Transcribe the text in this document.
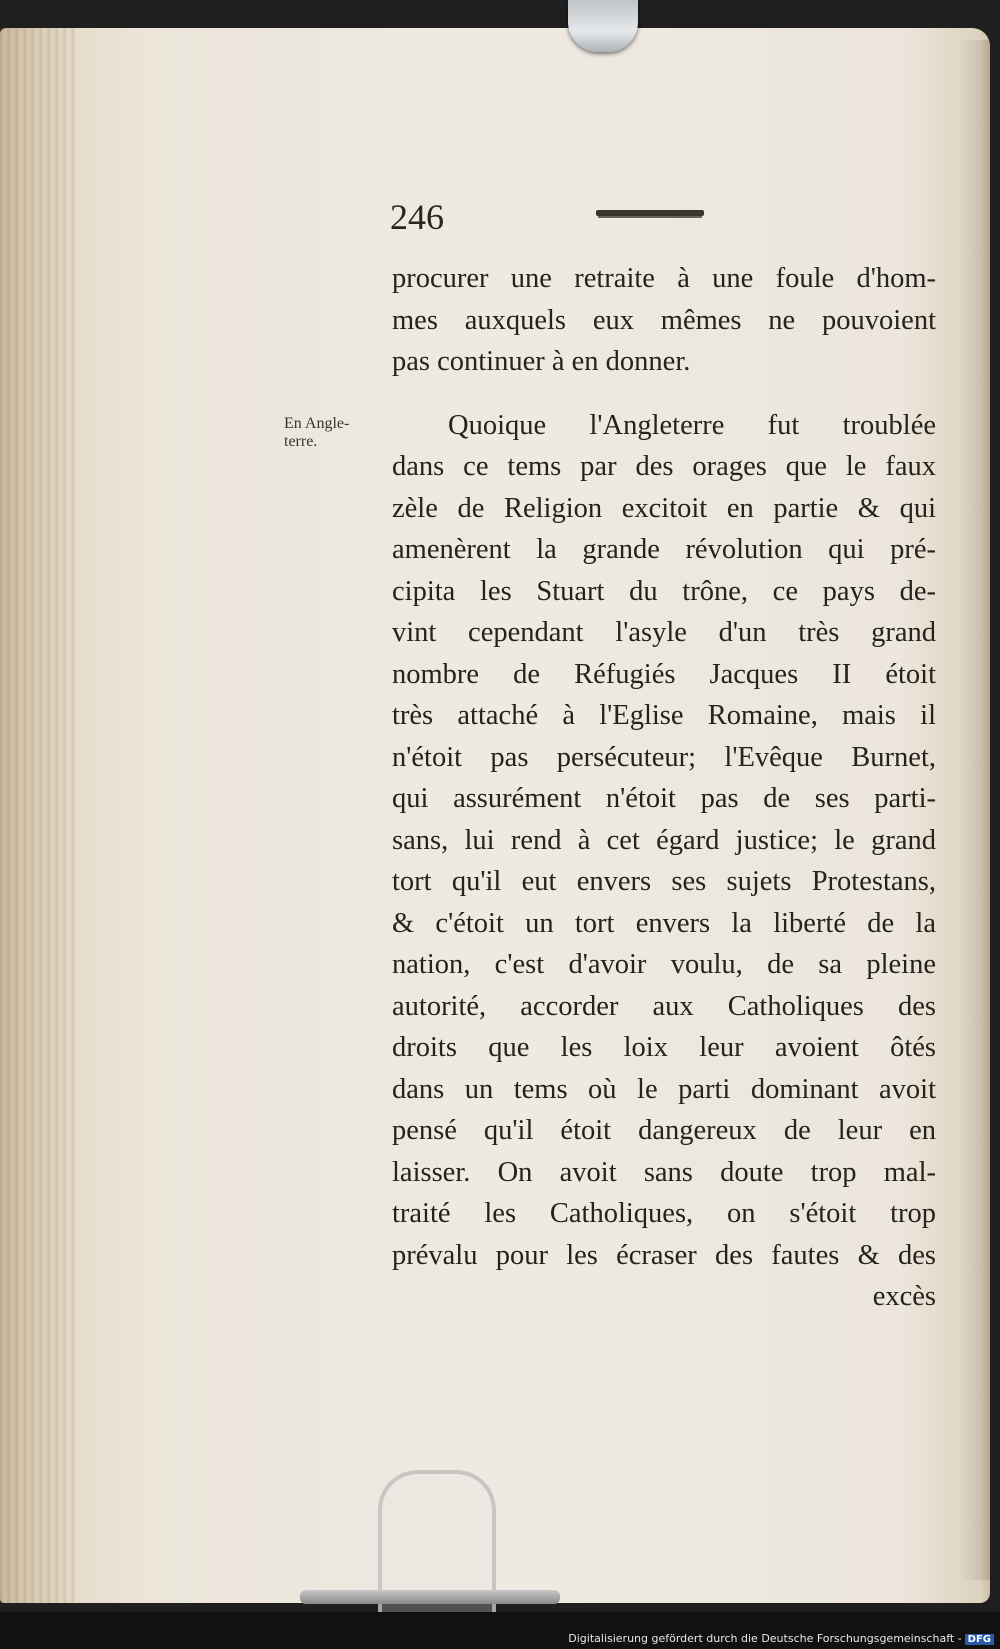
246
En Angle-
terre.
procurer une retraite à une foule d'hom-
mes auxquels eux mêmes ne pouvoient
pas continuer à en donner.
Quoique l'Angleterre fut troublée
dans ce tems par des orages que le faux
zèle de Religion excitoit en partie & qui
amenèrent la grande révolution qui pré-
cipita les Stuart du trône, ce pays de-
vint cependant l'asyle d'un très grand
nombre de Réfugiés Jacques II étoit
très attaché à l'Eglise Romaine, mais il
n'étoit pas persécuteur; l'Evêque Burnet,
qui assurément n'étoit pas de ses parti-
sans, lui rend à cet égard justice; le grand
tort qu'il eut envers ses sujets Protestans,
& c'étoit un tort envers la liberté de la
nation, c'est d'avoir voulu, de sa pleine
autorité, accorder aux Catholiques des
droits que les loix leur avoient ôtés
dans un tems où le parti dominant avoit
pensé qu'il étoit dangereux de leur en
laisser. On avoit sans doute trop mal-
traité les Catholiques, on s'étoit trop
prévalu pour les écraser des fautes & des
excès
Digitalisierung gefördert durch die Deutsche Forschungsgemeinschaft - DFG
